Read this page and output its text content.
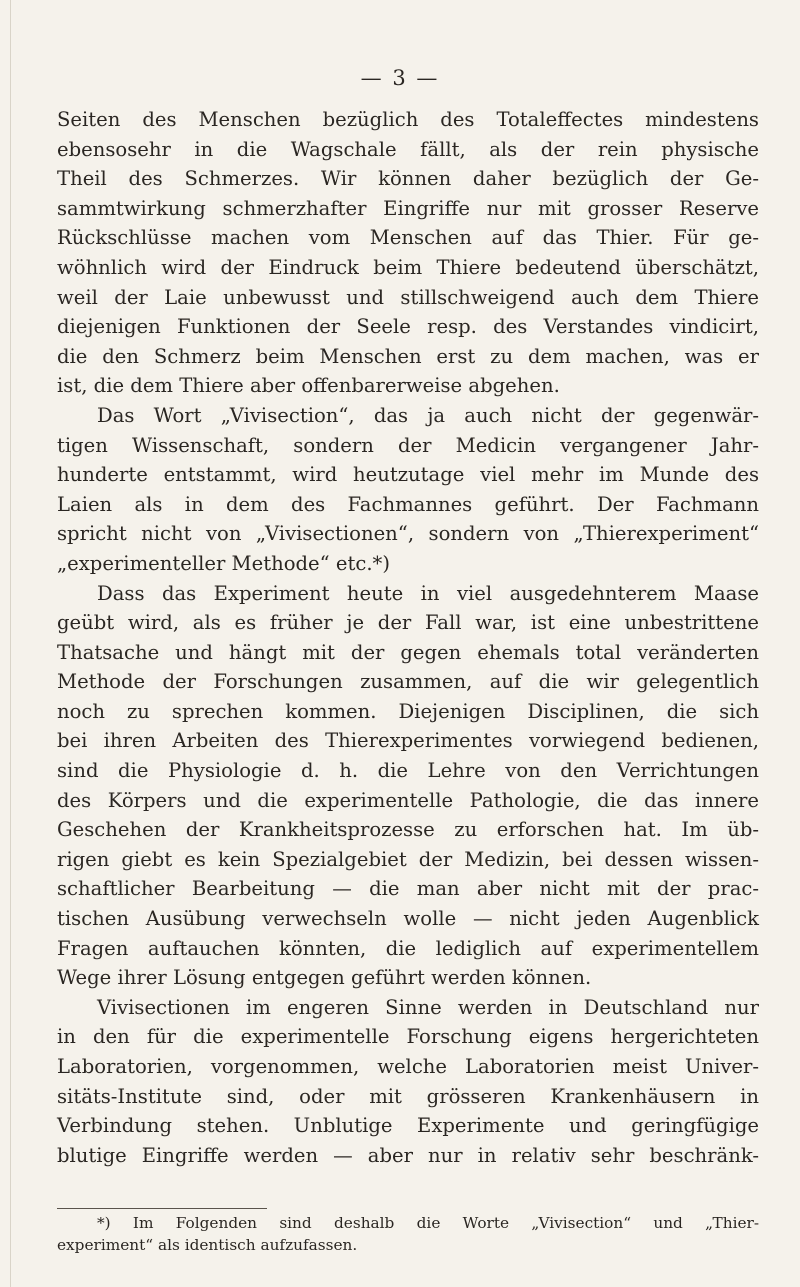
— 3 —
Seiten des Menschen bezüglich des Totaleffectes mindestens
ebensosehr in die Wagschale fällt, als der rein physische
Theil des Schmerzes. Wir können daher bezüglich der Ge-
sammtwirkung schmerzhafter Eingriffe nur mit grosser Reserve
Rückschlüsse machen vom Menschen auf das Thier. Für ge-
wöhnlich wird der Eindruck beim Thiere bedeutend überschätzt,
weil der Laie unbewusst und stillschweigend auch dem Thiere
diejenigen Funktionen der Seele resp. des Verstandes vindicirt,
die den Schmerz beim Menschen erst zu dem machen, was er
ist, die dem Thiere aber offenbarerweise abgehen.
Das Wort „Vivisection“, das ja auch nicht der gegenwär-
tigen Wissenschaft, sondern der Medicin vergangener Jahr-
hunderte entstammt, wird heutzutage viel mehr im Munde des
Laien als in dem des Fachmannes geführt. Der Fachmann
spricht nicht von „Vivisectionen“, sondern von „Thierexperiment“
„experimenteller Methode“ etc.*)
Dass das Experiment heute in viel ausgedehnterem Maase
geübt wird, als es früher je der Fall war, ist eine unbestrittene
Thatsache und hängt mit der gegen ehemals total veränderten
Methode der Forschungen zusammen, auf die wir gelegentlich
noch zu sprechen kommen. Diejenigen Disciplinen, die sich
bei ihren Arbeiten des Thierexperimentes vorwiegend bedienen,
sind die Physiologie d. h. die Lehre von den Verrichtungen
des Körpers und die experimentelle Pathologie, die das innere
Geschehen der Krankheitsprozesse zu erforschen hat. Im üb-
rigen giebt es kein Spezialgebiet der Medizin, bei dessen wissen-
schaftlicher Bearbeitung — die man aber nicht mit der prac-
tischen Ausübung verwechseln wolle — nicht jeden Augenblick
Fragen auftauchen könnten, die lediglich auf experimentellem
Wege ihrer Lösung entgegen geführt werden können.
Vivisectionen im engeren Sinne werden in Deutschland nur
in den für die experimentelle Forschung eigens hergerichteten
Laboratorien, vorgenommen, welche Laboratorien meist Univer-
sitäts-Institute sind, oder mit grösseren Krankenhäusern in
Verbindung stehen. Unblutige Experimente und geringfügige
blutige Eingriffe werden — aber nur in relativ sehr beschränk-
*) Im Folgenden sind deshalb die Worte „Vivisection“ und „Thier-
experiment“ als identisch aufzufassen.
